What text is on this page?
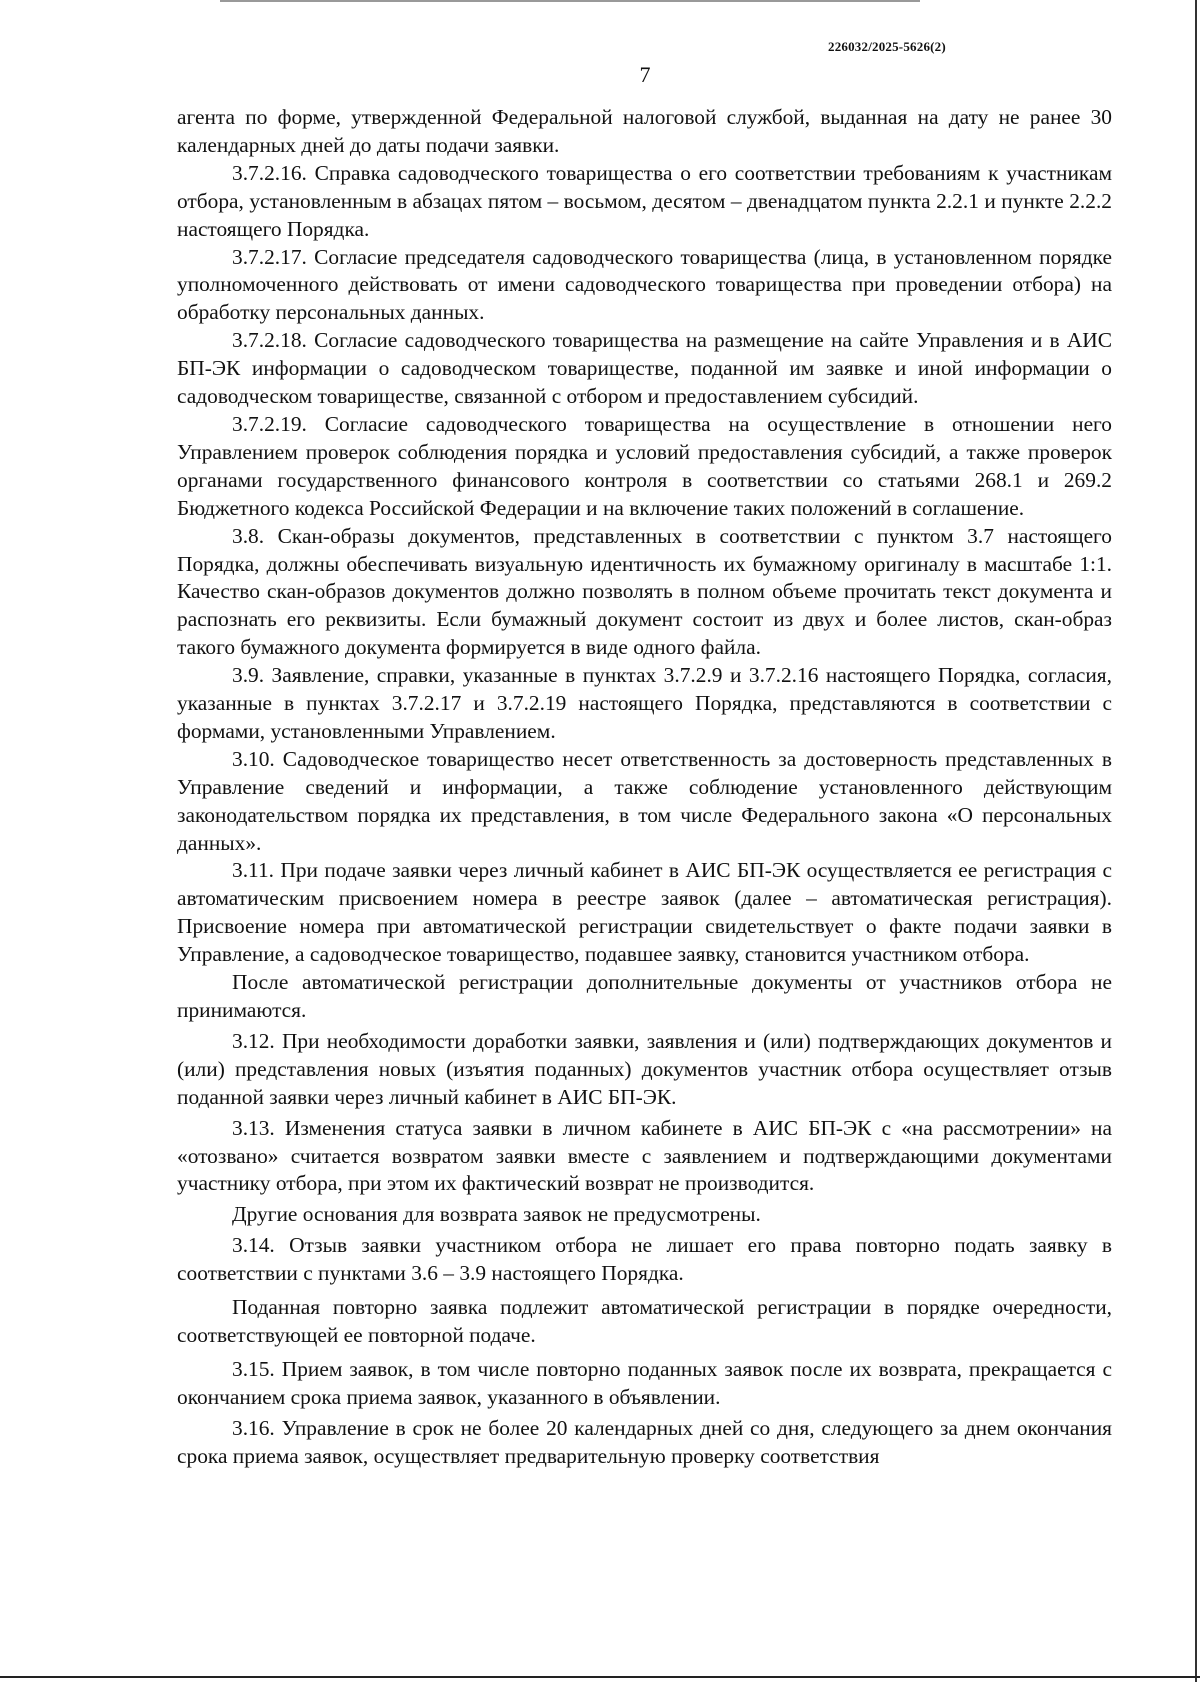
226032/2025-5626(2)
7

агента по форме, утвержденной Федеральной налоговой службой, выданная на дату не ранее 30 календарных дней до даты подачи заявки.

3.7.2.16. Справка садоводческого товарищества о его соответствии требованиям к участникам отбора, установленным в абзацах пятом – восьмом, десятом – двенадцатом пункта 2.2.1 и пункте 2.2.2 настоящего Порядка.

3.7.2.17. Согласие председателя садоводческого товарищества (лица, в установленном порядке уполномоченного действовать от имени садоводческого товарищества при проведении отбора) на обработку персональных данных.

3.7.2.18. Согласие садоводческого товарищества на размещение на сайте Управления и в АИС БП-ЭК информации о садоводческом товариществе, поданной им заявке и иной информации о садоводческом товариществе, связанной с отбором и предоставлением субсидий.

3.7.2.19. Согласие садоводческого товарищества на осуществление в отношении него Управлением проверок соблюдения порядка и условий предоставления субсидий, а также проверок органами государственного финансового контроля в соответствии со статьями 268.1 и 269.2 Бюджетного кодекса Российской Федерации и на включение таких положений в соглашение.

3.8. Скан-образы документов, представленных в соответствии с пунктом 3.7 настоящего Порядка, должны обеспечивать визуальную идентичность их бумажному оригиналу в масштабе 1:1. Качество скан-образов документов должно позволять в полном объеме прочитать текст документа и распознать его реквизиты. Если бумажный документ состоит из двух и более листов, скан-образ такого бумажного документа формируется в виде одного файла.

3.9. Заявление, справки, указанные в пунктах 3.7.2.9 и 3.7.2.16 настоящего Порядка, согласия, указанные в пунктах 3.7.2.17 и 3.7.2.19 настоящего Порядка, представляются в соответствии с формами, установленными Управлением.

3.10. Садоводческое товарищество несет ответственность за достоверность представленных в Управление сведений и информации, а также соблюдение установленного действующим законодательством порядка их представления, в том числе Федерального закона «О персональных данных».

3.11. При подаче заявки через личный кабинет в АИС БП-ЭК осуществляется ее регистрация с автоматическим присвоением номера в реестре заявок (далее – автоматическая регистрация). Присвоение номера при автоматической регистрации свидетельствует о факте подачи заявки в Управление, а садоводческое товарищество, подавшее заявку, становится участником отбора.

После автоматической регистрации дополнительные документы от участников отбора не принимаются.

3.12. При необходимости доработки заявки, заявления и (или) подтверждающих документов и (или) представления новых (изъятия поданных) документов участник отбора осуществляет отзыв поданной заявки через личный кабинет в АИС БП-ЭК.

3.13. Изменения статуса заявки в личном кабинете в АИС БП-ЭК с «на рассмотрении» на «отозвано» считается возвратом заявки вместе с заявлением и подтверждающими документами участнику отбора, при этом их фактический возврат не производится.

Другие основания для возврата заявок не предусмотрены.

3.14. Отзыв заявки участником отбора не лишает его права повторно подать заявку в соответствии с пунктами 3.6 – 3.9 настоящего Порядка.

Поданная повторно заявка подлежит автоматической регистрации в порядке очередности, соответствующей ее повторной подаче.

3.15. Прием заявок, в том числе повторно поданных заявок после их возврата, прекращается с окончанием срока приема заявок, указанного в объявлении.

3.16. Управление в срок не более 20 календарных дней со дня, следующего за днем окончания срока приема заявок, осуществляет предварительную проверку соответствия
